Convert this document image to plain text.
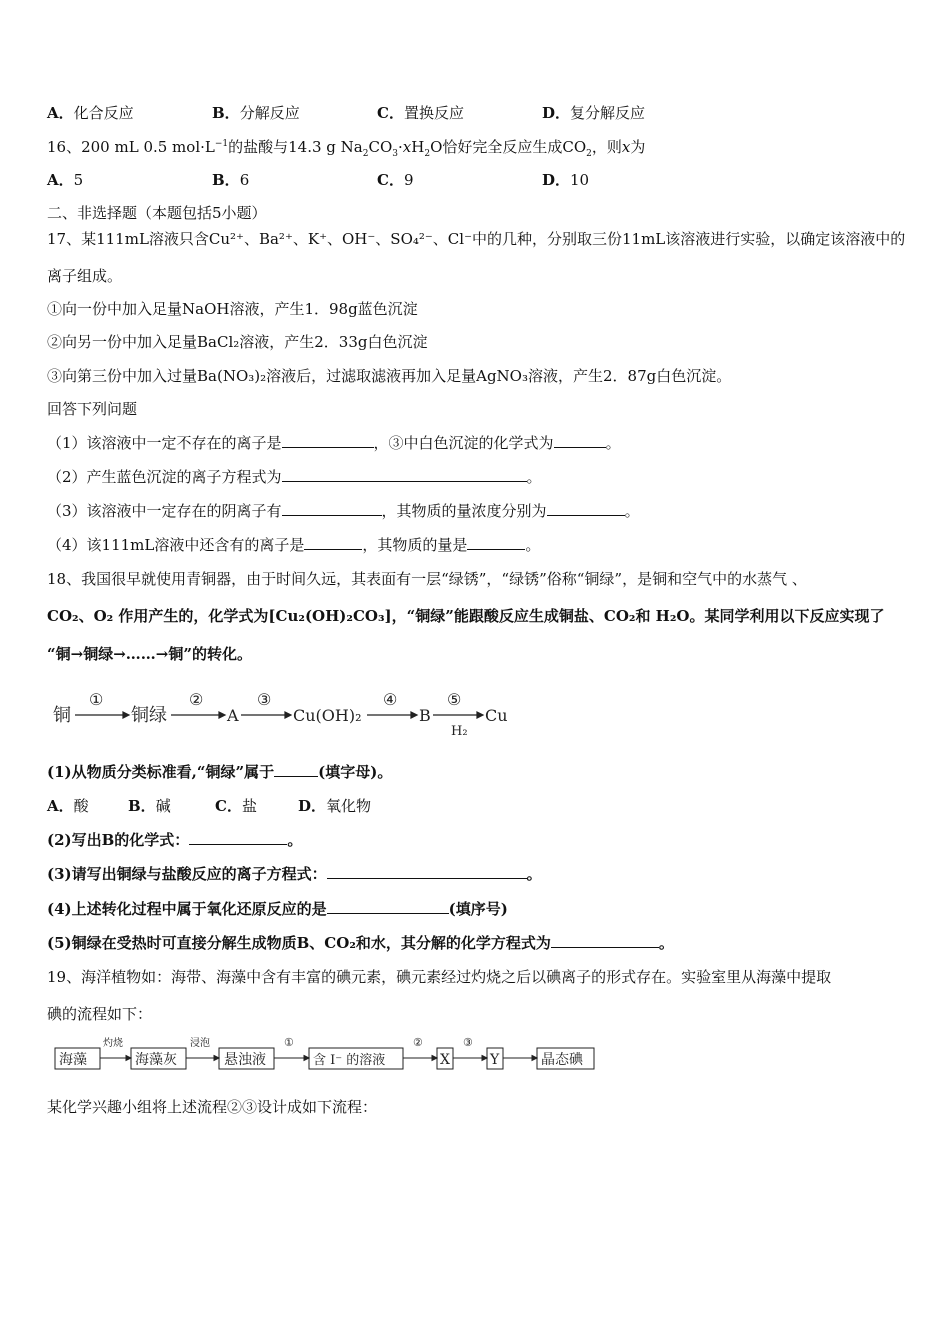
A．化合反应	B．分解反应	C．置换反应	D．复分解反应
16、200 mL 0.5 $mol\cdot L^{-1}$的盐酸与14.3 g $Na_2CO_3\cdot xH_2O$恰好完全反应生成$CO_2$，则x为
A．5	B．6	C．9	D．10
二、非选择题（本题包括5小题）
17、某111mL溶液只含Cu²⁺、Ba²⁺、K⁺、OH⁻、SO₄²⁻、Cl⁻中的几种，分别取三份11mL该溶液进行实验，以确定该溶液中的
离子组成。
①向一份中加入足量NaOH溶液，产生1．98g蓝色沉淀
②向另一份中加入足量BaCl₂溶液，产生2．33g白色沉淀
③向第三份中加入过量Ba(NO₃)₂溶液后，过滤取滤液再加入足量AgNO₃溶液，产生2．87g白色沉淀。
回答下列问题
（1）该溶液中一定不存在的离子是	，③中白色沉淀的化学式为	。
（2）产生蓝色沉淀的离子方程式为	。
（3）该溶液中一定存在的阴离子有	，其物质的量浓度分别为	。
（4）该111mL溶液中还含有的离子是	，其物质的量是	。
18、我国很早就使用青铜器，由于时间久远，其表面有一层“绿锈”，“绿锈”俗称“铜绿”，是铜和空气中的水蒸气 、
CO₂、O₂ 作用产生的，化学式为[Cu₂(OH)₂CO₃]，“铜绿”能跟酸反应生成铜盐、CO₂和 H₂O。某同学利用以下反应实现了
“铜→铜绿→……→铜”的转化。
铜	铜绿	A	Cu(OH)₂	B	Cu
①	②	③	④	⑤
H₂
(1)从物质分类标准看,“铜绿”属于	(填字母)。
A．酸	B．碱	C．盐	D．氧化物
(2)写出B的化学式：	。
(3)请写出铜绿与盐酸反应的离子方程式：	。
(4)上述转化过程中属于氧化还原反应的是	(填序号)
(5)铜绿在受热时可直接分解生成物质B、CO₂和水，其分解的化学方程式为	。
19、海洋植物如：海带、海藻中含有丰富的碘元素，碘元素经过灼烧之后以碘离子的形式存在。实验室里从海藻中提取
碘的流程如下：
海藻	海藻灰	悬浊液	含 I⁻ 的溶液	X	Y	晶态碘
灼烧	浸泡	①	②	③
某化学兴趣小组将上述流程②③设计成如下流程：
